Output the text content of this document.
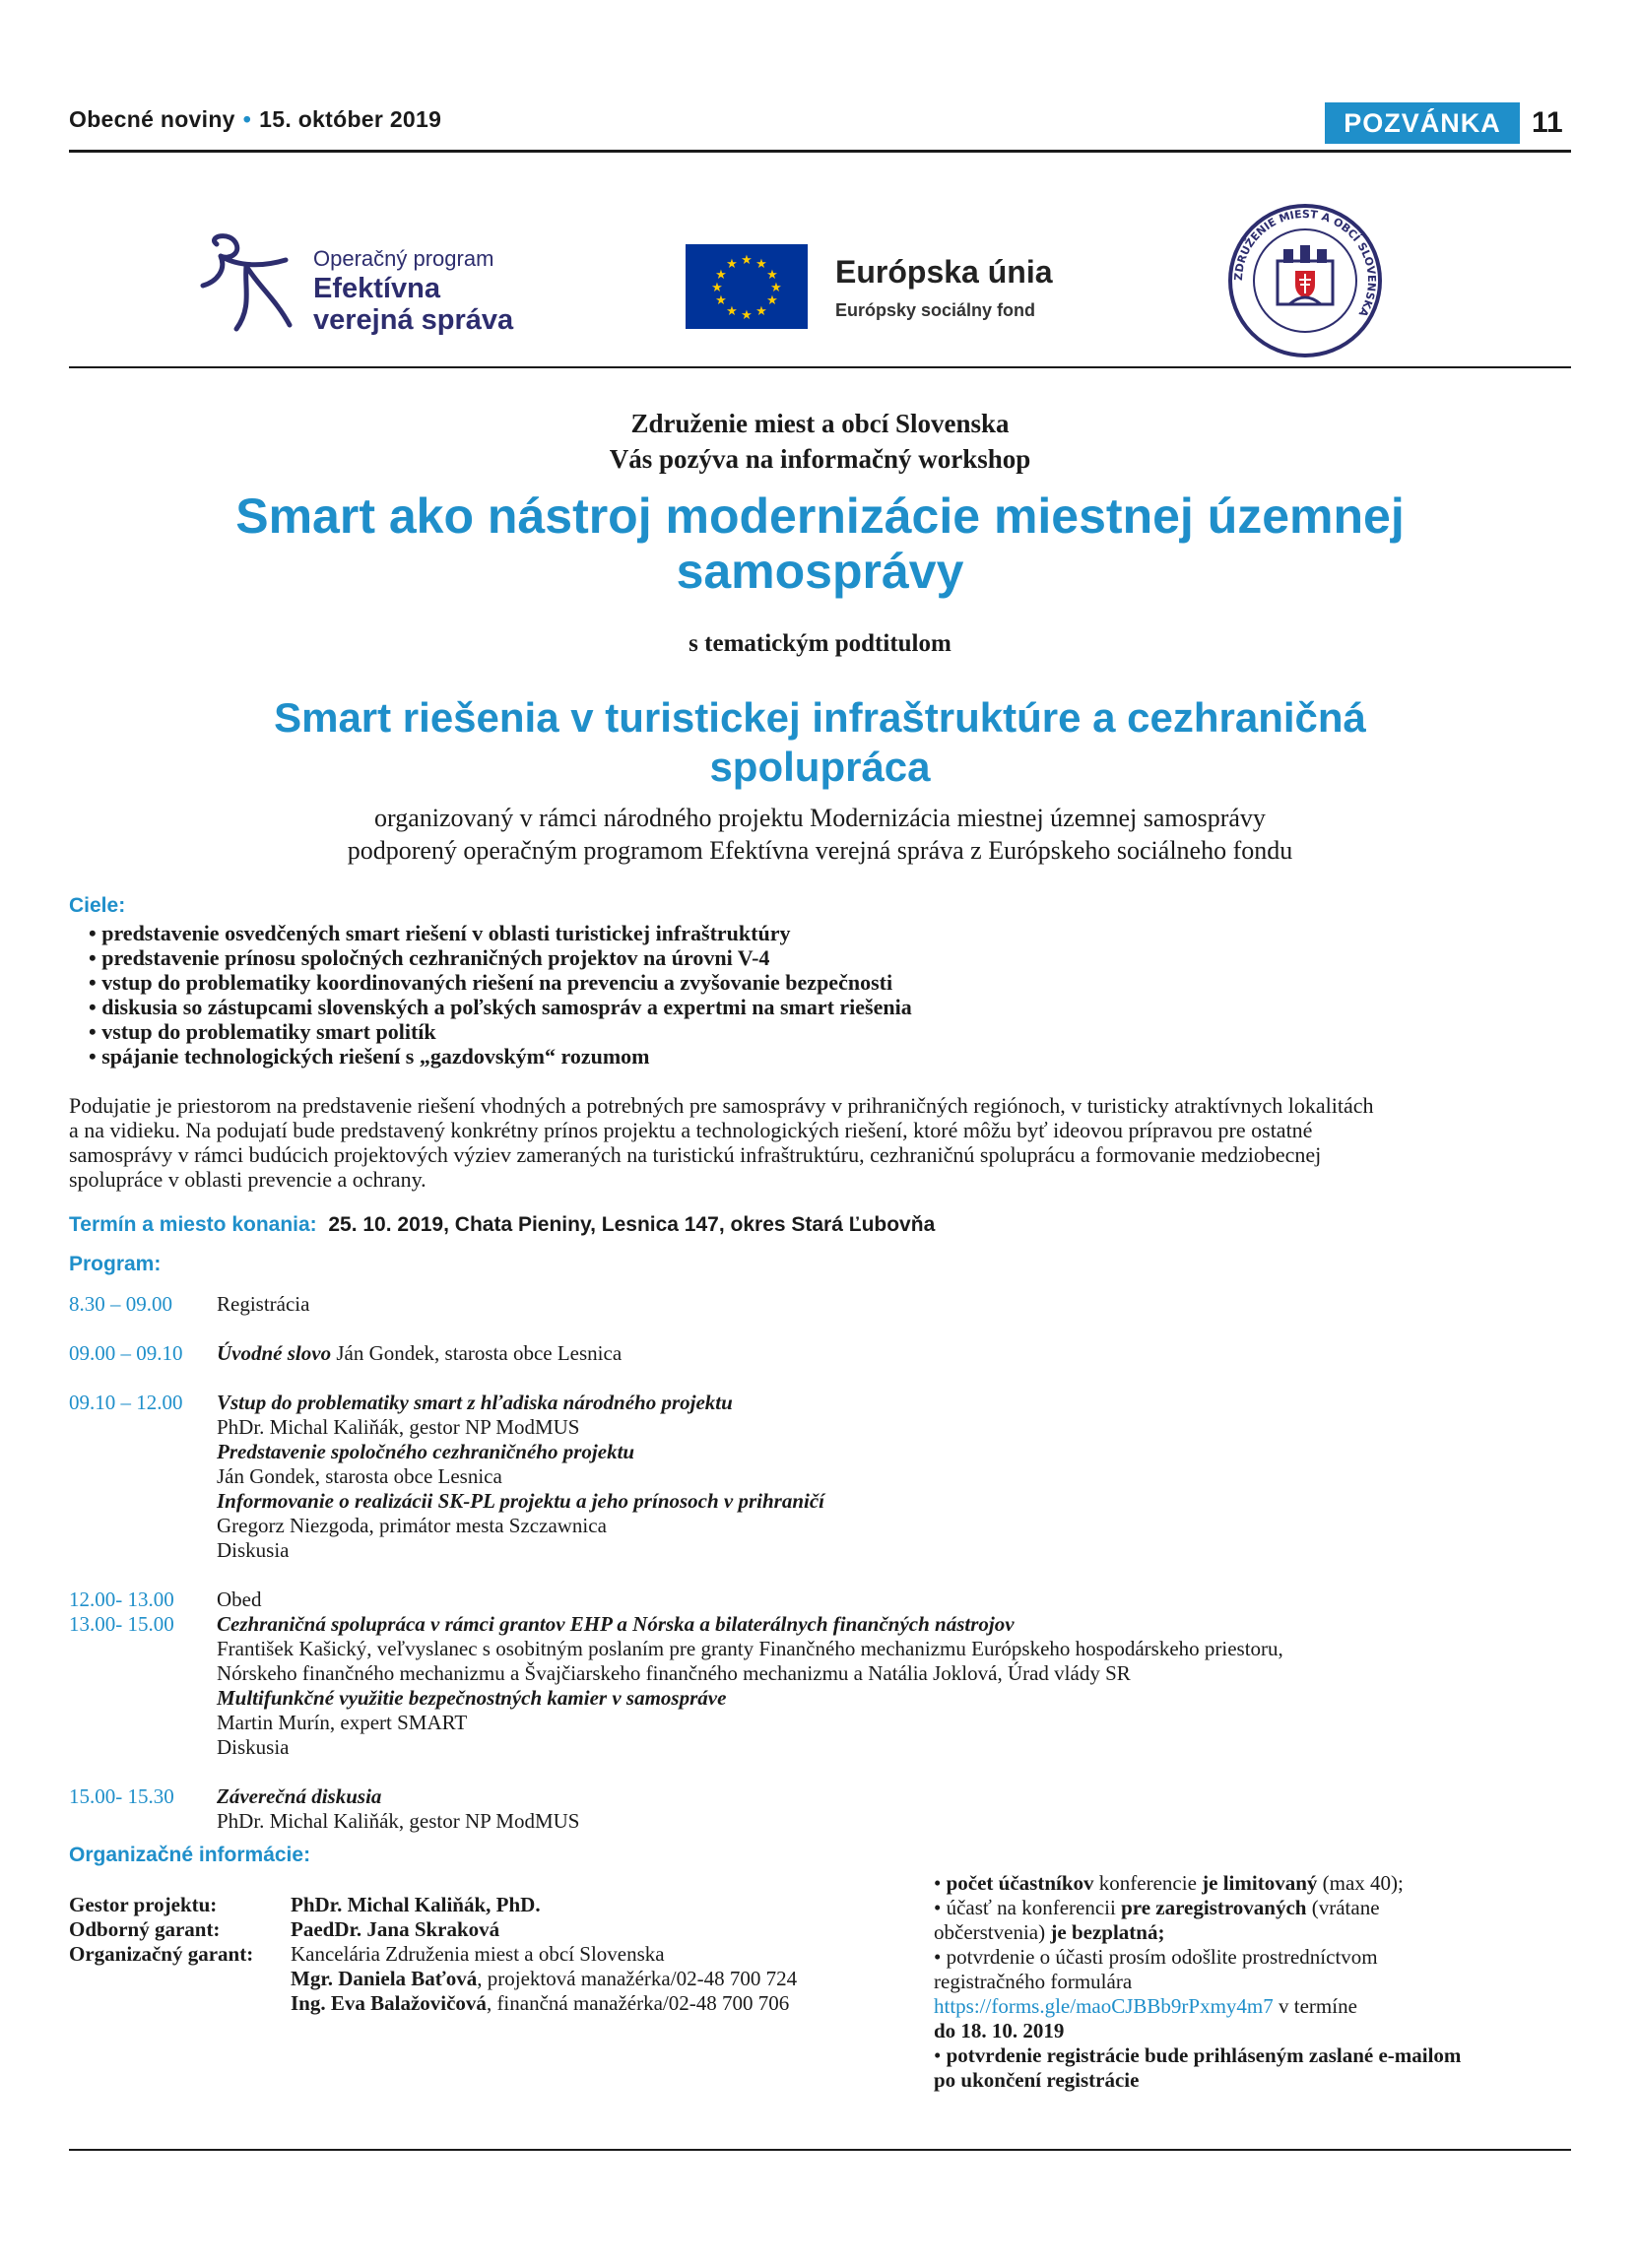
Obecné noviny • 15. október 2019	POZVÁNKA	11
Operačný program
Efektívna
verejná správa
★ ★
★
★
★
★
★
★
★
★
★
★	Európska únia
Európsky sociálny fond
ZDRUŽENIE MIEST A OBCÍ SLOVENSKA
Združenie miest a obcí Slovenska
Vás pozýva na informačný workshop
Smart ako nástroj modernizácie miestnej územnej
samosprávy
s tematickým podtitulom
Smart riešenia v turistickej infraštruktúre a cezhraničná
spolupráca
organizovaný v rámci národného projektu Modernizácia miestnej územnej samosprávy
podporený operačným programom Efektívna verejná správa z Európskeho sociálneho fondu
Ciele:
• predstavenie osvedčených smart riešení v oblasti turistickej infraštruktúry
• predstavenie prínosu spoločných cezhraničných projektov na úrovni V-4
• vstup do problematiky koordinovaných riešení na prevenciu a zvyšovanie bezpečnosti
• diskusia so zástupcami slovenských a poľských samospráv a expertmi na smart riešenia
• vstup do problematiky smart politík
• spájanie technologických riešení s „gazdovským“ rozumom
Podujatie je priestorom na predstavenie riešení vhodných a potrebných pre samosprávy v prihraničných regiónoch, v turisticky atraktívnych lokalitách
a na vidieku. Na podujatí bude predstavený konkrétny prínos projektu a technologických riešení, ktoré môžu byť ideovou prípravou pre ostatné
samosprávy v rámci budúcich projektových výziev zameraných na turistickú infraštruktúru, cezhraničnú spoluprácu a formovanie medziobecnej
spolupráce v oblasti prevencie a ochrany.
Termín a miesto konania: 25. 10. 2019, Chata Pieniny, Lesnica 147, okres Stará Ľubovňa
Program:
8.30 – 09.00 Registrácia
09.00 – 09.10 Úvodné slovo Ján Gondek, starosta obce Lesnica
09.10 – 12.00 Vstup do problematiky smart z hľadiska národného projektu
PhDr. Michal Kaliňák, gestor NP ModMUS
Predstavenie spoločného cezhraničného projektu
Ján Gondek, starosta obce Lesnica
Informovanie o realizácii SK-PL projektu a jeho prínosoch v prihraničí
Gregorz Niezgoda, primátor mesta Szczawnica
Diskusia
12.00- 13.00 Obed
13.00- 15.00 Cezhraničná spolupráca v rámci grantov EHP a Nórska a bilaterálnych finančných nástrojov
František Kašický, veľvyslanec s osobitným poslaním pre granty Finančného mechanizmu Európskeho hospodárskeho priestoru,
Nórskeho finančného mechanizmu a Švajčiarskeho finančného mechanizmu a Natália Joklová, Úrad vlády SR
Multifunkčné využitie bezpečnostných kamier v samospráve
Martin Murín, expert SMART
Diskusia
15.00- 15.30 Záverečná diskusia
PhDr. Michal Kaliňák, gestor NP ModMUS
Organizačné informácie:
Gestor projektu:	PhDr. Michal Kaliňák, PhD.
Odborný garant:	PaedDr. Jana Skraková
Organizačný garant: Kancelária Združenia miest a obcí Slovenska
Mgr. Daniela Baťová, projektová manažérka/02-48 700 724
Ing. Eva Balažovičová, finančná manažérka/02-48 700 706
• počet účastníkov konferencie je limitovaný (max 40);
• účasť na konferencii pre zaregistrovaných (vrátane
občerstvenia) je bezplatná;
• potvrdenie o účasti prosím odošlite prostredníctvom
registračného formulára
https://forms.gle/maoCJBBb9rPxmy4m7 v termíne
do 18. 10. 2019
• potvrdenie registrácie bude prihláseným zaslané e-mailom
po ukončení registrácie
